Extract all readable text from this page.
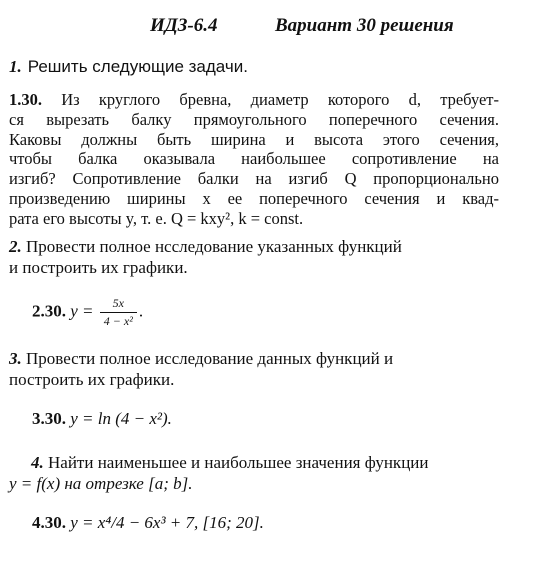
ИДЗ-6.4	Вариант 30 решения
1. Решить следующие задачи.
1.30. Из круглого бревна, диаметр которого d, требует-
ся вырезать балку прямоугольного поперечного сечения.
Каковы должны быть ширина и высота этого сечения,
чтобы балка оказывала наибольшее сопротивление на
изгиб? Сопротивление балки на изгиб Q пропорционально
произведению ширины x ее поперечного сечения и квад-
рата его высоты y, т. е. Q = kxy², k = const.
2. Провести полное нсследование указанных функций
и построить их графики.
2.30. $y = \frac{5x}{\text{4 − x²}}$ .
3. Провести полное исследование данных функций и
построить их графики.
3.30. y = ln (4 − x²).
4. Найти наименьшее и наибольшее значения функции
y = f(x) на отрезке [a; b].
4.30. y = x⁴/4 − 6x³ + 7, [16; 20].
